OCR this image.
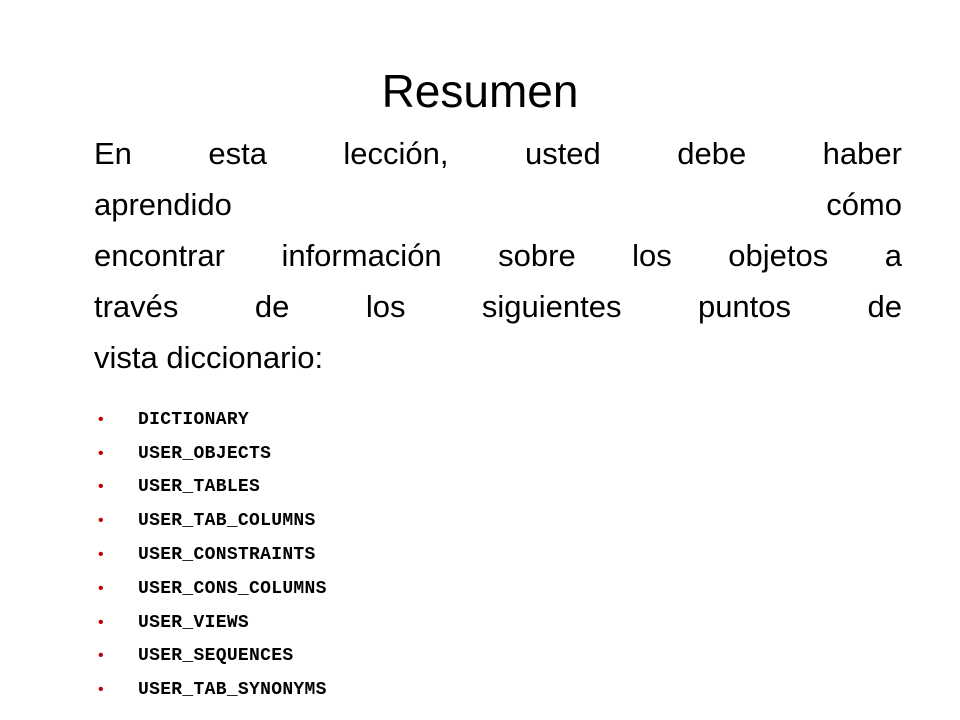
Resumen
En esta lección, usted debe haber
aprendido	cómo
encontrar información sobre los objetos a
través de los siguientes puntos de
vista diccionario:
•	DICTIONARY
•	USER_OBJECTS
•	USER_TABLES
•	USER_TAB_COLUMNS
•	USER_CONSTRAINTS
•	USER_CONS_COLUMNS
•	USER_VIEWS
•	USER_SEQUENCES
•	USER_TAB_SYNONYMS
